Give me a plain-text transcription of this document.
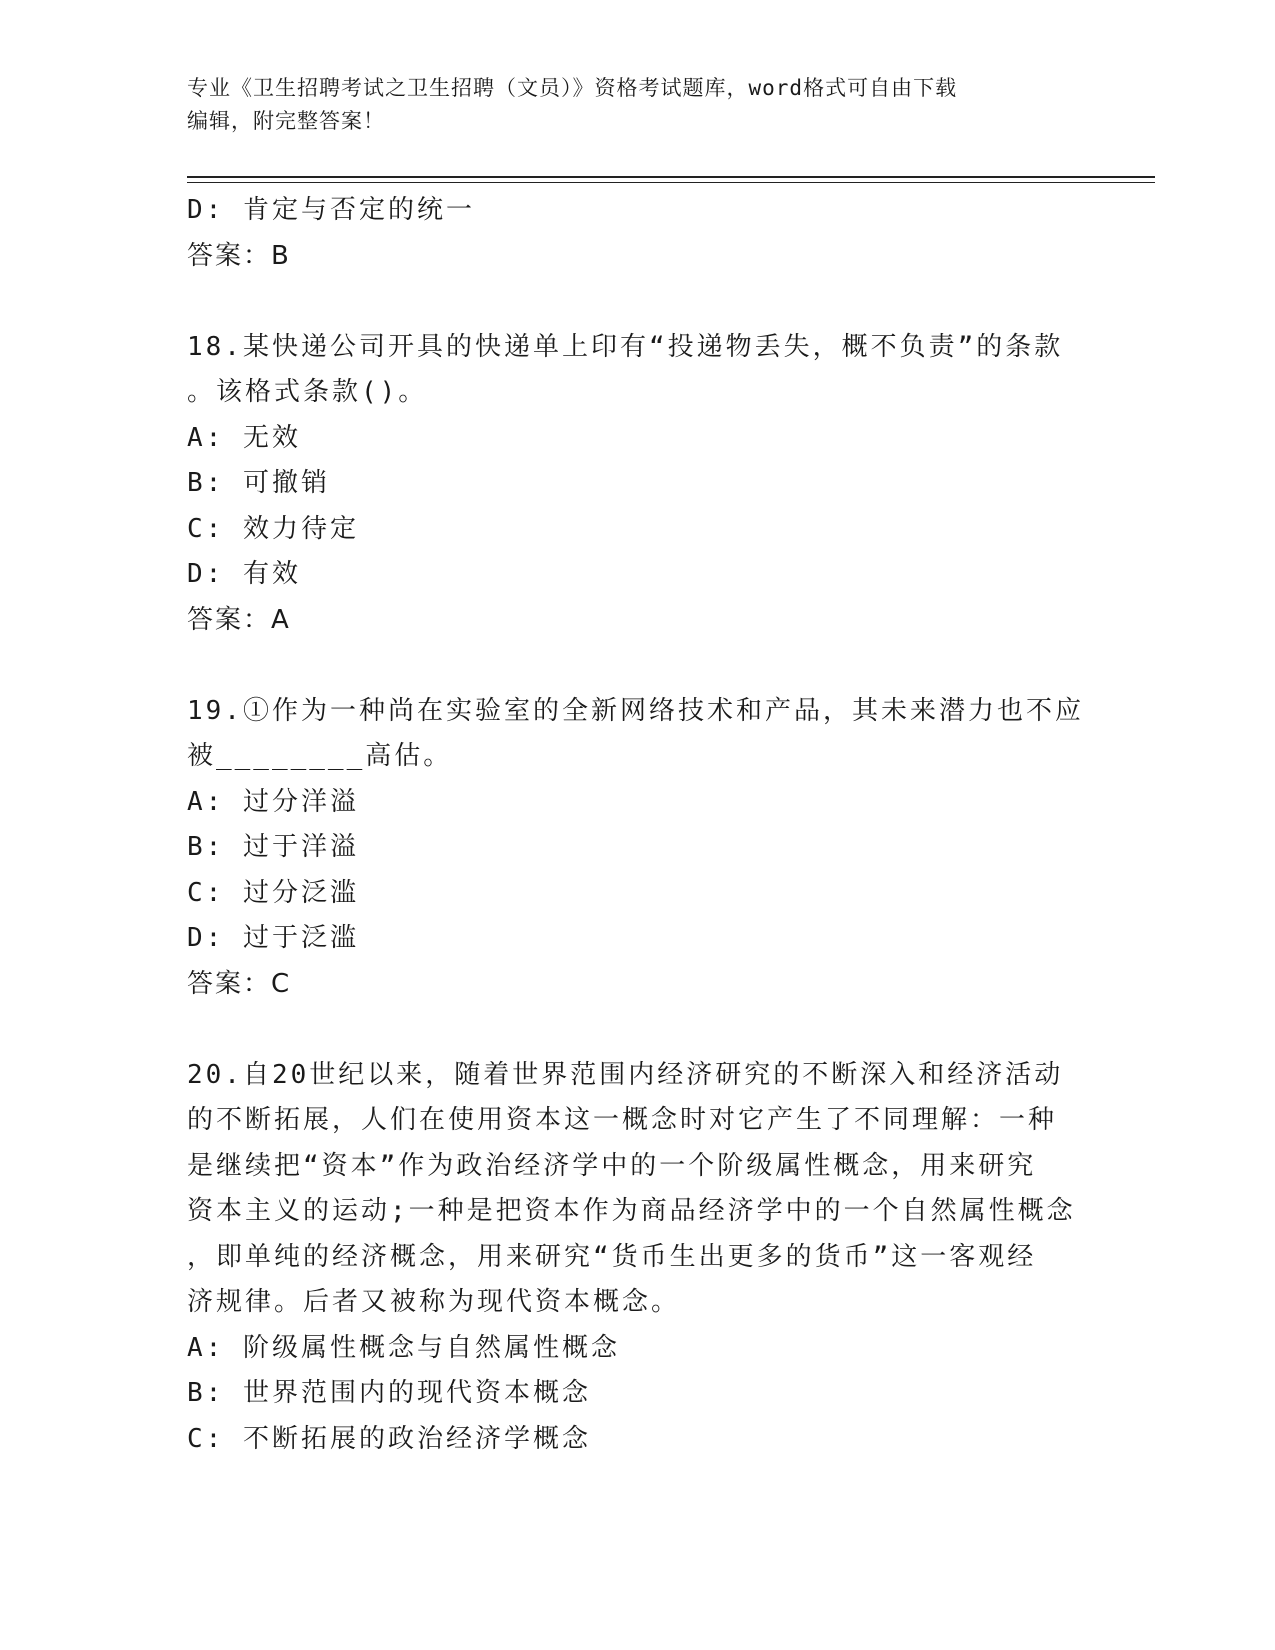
专业《卫生招聘考试之卫生招聘（文员）》资格考试题库，word格式可自由下载
编辑，附完整答案！
D: 肯定与否定的统一
答案：B
18.某快递公司开具的快递单上印有“投递物丢失，概不负责”的条款
。该格式条款()。
A: 无效
B: 可撤销
C: 效力待定
D: 有效
答案：A
19.①作为一种尚在实验室的全新网络技术和产品，其未来潜力也不应
被________高估。
A: 过分洋溢
B: 过于洋溢
C: 过分泛滥
D: 过于泛滥
答案：C
20.自20世纪以来，随着世界范围内经济研究的不断深入和经济活动
的不断拓展，人们在使用资本这一概念时对它产生了不同理解：一种
是继续把“资本”作为政治经济学中的一个阶级属性概念，用来研究
资本主义的运动;一种是把资本作为商品经济学中的一个自然属性概念
，即单纯的经济概念，用来研究“货币生出更多的货币”这一客观经
济规律。后者又被称为现代资本概念。
A: 阶级属性概念与自然属性概念
B: 世界范围内的现代资本概念
C: 不断拓展的政治经济学概念
